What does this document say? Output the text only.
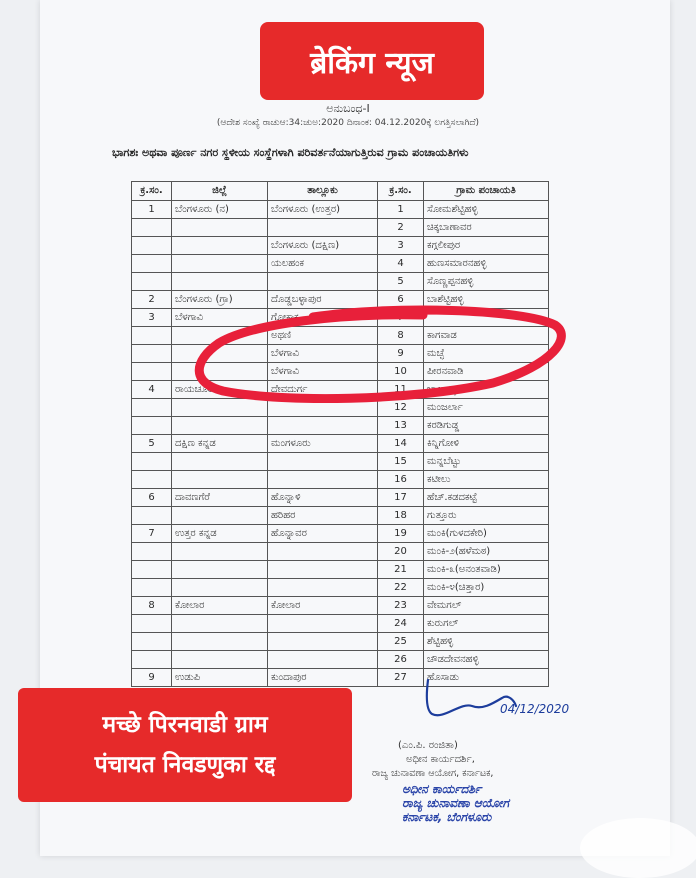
ब्रेकिंग न्यूज
ಅನುಬಂಧ-I
(ಆದೇಶ ಸಂಖ್ಯೆ ರಾಚುಆ:34:ಚುಅ:2020 ದಿನಾಂಕ: 04.12.2020ಕ್ಕೆ ಲಗತ್ತಿಸಲಾಗಿದೆ)
ಭಾಗಶಃ ಅಥವಾ ಪೂರ್ಣ ನಗರ ಸ್ಥಳೀಯ ಸಂಸ್ಥೆಗಳಾಗಿ ಪರಿವರ್ತನೆಯಾಗುತ್ತಿರುವ ಗ್ರಾಮ ಪಂಚಾಯತಿಗಳು
ಕ್ರ.ಸಂ.	ಜಿಲ್ಲೆ	ತಾಲ್ಲೂಕು	ಕ್ರ.ಸಂ.	ಗ್ರಾಮ ಪಂಚಾಯತಿ
1	ಬೆಂಗಳೂರು (ನ)	ಬೆಂಗಳೂರು (ಉತ್ತರ)	1	ಸೋಮಶೆಟ್ಟಿಹಳ್ಳಿ
			2	ಚಿಕ್ಕಬಾಣಾವರ
		ಬೆಂಗಳೂರು (ದಕ್ಷಿಣ)	3	ಕಗ್ಗಲೀಪುರ
		ಯಲಹಂಕ	4	ಹುಣಸಮಾರನಹಳ್ಳಿ
			5	ಸೊಣ್ಣಪ್ಪನಹಳ್ಳಿ
2	ಬೆಂಗಳೂರು (ಗ್ರಾ)	ದೊಡ್ಡಬಳ್ಳಾಪುರ	6	ಬಾಶೆಟ್ಟಿಹಳ್ಳಿ
3	ಬೆಳಗಾವಿ	ಗೋಕಾಕ	7	
		ಅಥಣಿ	8	ಕಾಗವಾಡ
		ಬೆಳಗಾವಿ	9	ಮಚ್ಛೆ
		ಬೆಳಗಾವಿ	10	ಪೀರನವಾಡಿ
4	ರಾಯಚೂರು	ದೇವದುರ್ಗ	11	ಜಾಲಹಳ್ಳಿ
			12	ಮಂಜರ್ಲಾ
			13	ಕರಡಿಗುಡ್ಡ
5	ದಕ್ಷಿಣ ಕನ್ನಡ	ಮಂಗಳೂರು	14	ಕಿನ್ನಿಗೋಳಿ
			15	ಮನ್ನಬೆಟ್ಟು
			16	ಕಟೀಲು
6	ದಾವಣಗೆರೆ	ಹೊನ್ನಾಳಿ	17	ಹೆಚ್.ಕಡದಕಟ್ಟೆ
		ಹರಿಹರ	18	ಗುತ್ತೂರು
7	ಉತ್ತರ ಕನ್ನಡ	ಹೊನ್ನಾವರ	19	ಮಂಕಿ(ಗುಳದಕೇರಿ)
			20	ಮಂಕಿ-೨(ಹಳೆಮಠ)
			21	ಮಂಕಿ-೩(ಅನಂತವಾಡಿ)
			22	ಮಂಕಿ-೪(ಚಿತ್ತಾರ)
8	ಕೋಲಾರ	ಕೋಲಾರ	23	ವೇಮಗಲ್
			24	ಕುರುಗಲ್
			25	ಶೆಟ್ಟಿಹಳ್ಳಿ
			26	ಚೌಡದೇವನಹಳ್ಳಿ
9	ಉಡುಪಿ	ಕುಂದಾಪುರ	27	ಹೊಸಾಡು
मच्छे पिरनवाडी ग्राम
पंचायत निवडणुका रद्द
04/12/2020
(ಎಂ.ಪಿ. ರಂಜಿತಾ)
ಅಧೀನ ಕಾರ್ಯದರ್ಶಿ,
ರಾಜ್ಯ ಚುನಾವಣಾ ಆಯೋಗ, ಕರ್ನಾಟಕ,
ಅಧೀನ ಕಾರ್ಯದರ್ಶಿ
ರಾಜ್ಯ ಚುನಾವಣಾ ಆಯೋಗ
ಕರ್ನಾಟಕ, ಬೆಂಗಳೂರು
